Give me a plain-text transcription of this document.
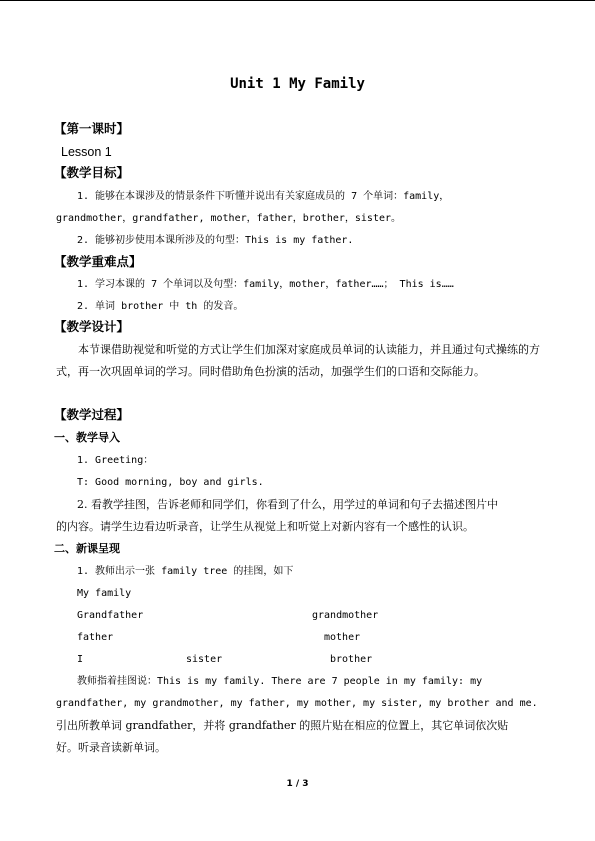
Unit 1 My Family
【第一课时】
Lesson 1
【教学目标】
1. 能够在本课涉及的情景条件下听懂并说出有关家庭成员的 7 个单词：family，
grandmother，grandfather, mother，father，brother，sister。
2. 能够初步使用本课所涉及的句型：This is my father.
【教学重难点】
1. 学习本课的 7 个单词以及句型：family，mother，father……； This is……
2. 单词 brother 中 th 的发音。
【教学设计】
本节课借助视觉和听觉的方式让学生们加深对家庭成员单词的认读能力，并且通过句式操练的方式，再一次巩固单词的学习。同时借助角色扮演的活动，加强学生们的口语和交际能力。
【教学过程】
一、教学导入
1. Greeting：
T: Good morning, boy and girls.
2. 看教学挂图，告诉老师和同学们，你看到了什么，用学过的单词和句子去描述图片中
的内容。请学生边看边听录音，让学生从视觉上和听觉上对新内容有一个感性的认识。
二、新课呈现
1. 教师出示一张 family tree 的挂图，如下
My family
Grandfather	grandmother
father	mother
I	sister	brother
教师指着挂图说：This is my family. There are 7 people in my family: my
grandfather, my grandmother, my father, my mother, my sister, my brother and me.
引出所教单词 grandfather，并将 grandfather 的照片贴在相应的位置上，其它单词依次贴
好。听录音读新单词。
1 / 3
